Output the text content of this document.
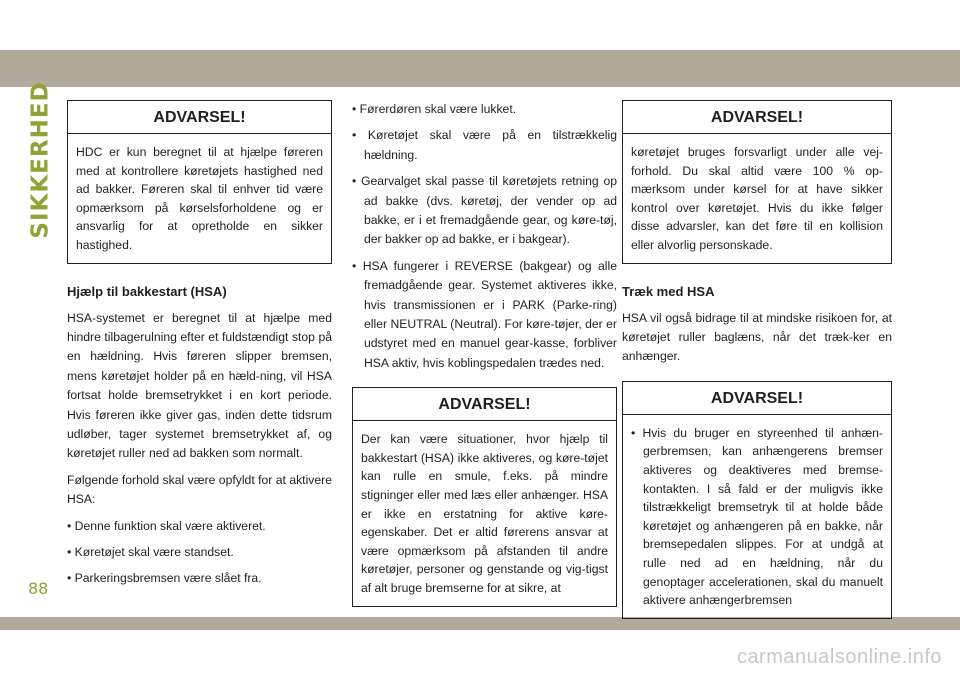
SIKKERHED
88
ADVARSEL!
HDC er kun beregnet til at hjælpe føreren med at kontrollere køretøjets hastighed ned ad bakker. Føreren skal til enhver tid være opmærksom på kørselsforholdene og er ansvarlig for at opretholde en sikker hastighed.
Hjælp til bakkestart (HSA)

HSA-systemet er beregnet til at hjælpe med hindre tilbagerulning efter et fuldstændigt stop på en hældning. Hvis føreren slipper bremsen, mens køretøjet holder på en hæld-ning, vil HSA fortsat holde bremsetrykket i en kort periode. Hvis føreren ikke giver gas, inden dette tidsrum udløber, tager systemet bremsetrykket af, og køretøjet ruller ned ad bakken som normalt.

Følgende forhold skal være opfyldt for at aktivere HSA:

• Denne funktion skal være aktiveret.
• Køretøjet skal være standset.
• Parkeringsbremsen være slået fra.
• Førerdøren skal være lukket.
• Køretøjet skal være på en tilstrækkelig hældning.
• Gearvalget skal passe til køretøjets retning op ad bakke (dvs. køretøj, der vender op ad bakke, er i et fremadgående gear, og køre-tøj, der bakker op ad bakke, er i bakgear).
• HSA fungerer i REVERSE (bakgear) og alle fremadgående gear. Systemet aktiveres ikke, hvis transmissionen er i PARK (Parke-ring) eller NEUTRAL (Neutral). For køre-tøjer, der er udstyret med en manuel gear-kasse, forbliver HSA aktiv, hvis koblingspedalen trædes ned.
ADVARSEL!
Der kan være situationer, hvor hjælp til bakkestart (HSA) ikke aktiveres, og køre-tøjet kan rulle en smule, f.eks. på mindre stigninger eller med læs eller anhænger. HSA er ikke en erstatning for aktive køre-egenskaber. Det er altid førerens ansvar at være opmærksom på afstanden til andre køretøjer, personer og genstande og vig-tigst af alt bruge bremserne for at sikre, at
ADVARSEL!
køretøjet bruges forsvarligt under alle vej-forhold. Du skal altid være 100 % op-mærksom under kørsel for at have sikker kontrol over køretøjet. Hvis du ikke følger disse advarsler, kan det føre til en kollision eller alvorlig personskade.
Træk med HSA

HSA vil også bidrage til at mindske risikoen for, at køretøjet ruller baglæns, når det træk-ker en anhænger.

ADVARSEL!
• Hvis du bruger en styreenhed til anhæn-gerbremsen, kan anhængerens bremser aktiveres og deaktiveres med bremse-kontakten. I så fald er der muligvis ikke tilstrækkeligt bremsetryk til at holde både køretøjet og anhængeren på en bakke, når bremsepedalen slippes. For at undgå at rulle ned ad en hældning, når du genoptager accelerationen, skal du manuelt aktivere anhængerbremsen
carmanualsonline.info
